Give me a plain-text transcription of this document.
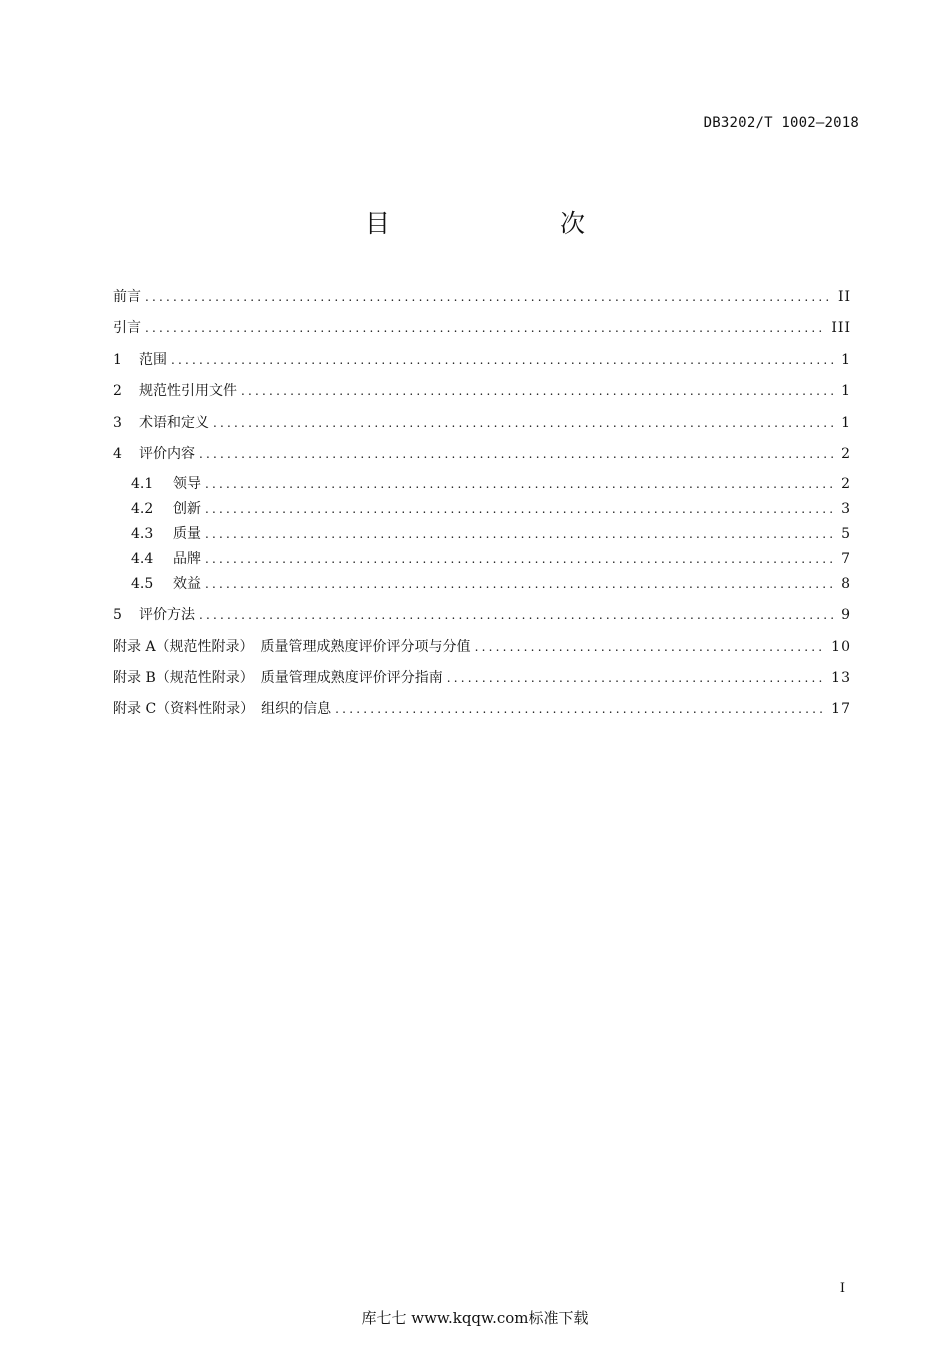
DB3202/T 1002—2018
目　　次
前言 .....	II
引言 .....	III
1	范围 .....	1
2	规范性引用文件 .....	1
3	术语和定义 .....	1
4	评价内容 .....	2
4.1	领导 .....	2
4.2	创新 .....	3
4.3	质量 .....	5
4.4	品牌 .....	7
4.5	效益 .....	8
5	评价方法 .....	9
附录 A（规范性附录）　质量管理成熟度评价评分项与分值 .....	10
附录 B（规范性附录）　质量管理成熟度评价评分指南 .....	13
附录 C（资料性附录）　组织的信息 .....	17
I
库七七 www.kqqw.com标准下载
